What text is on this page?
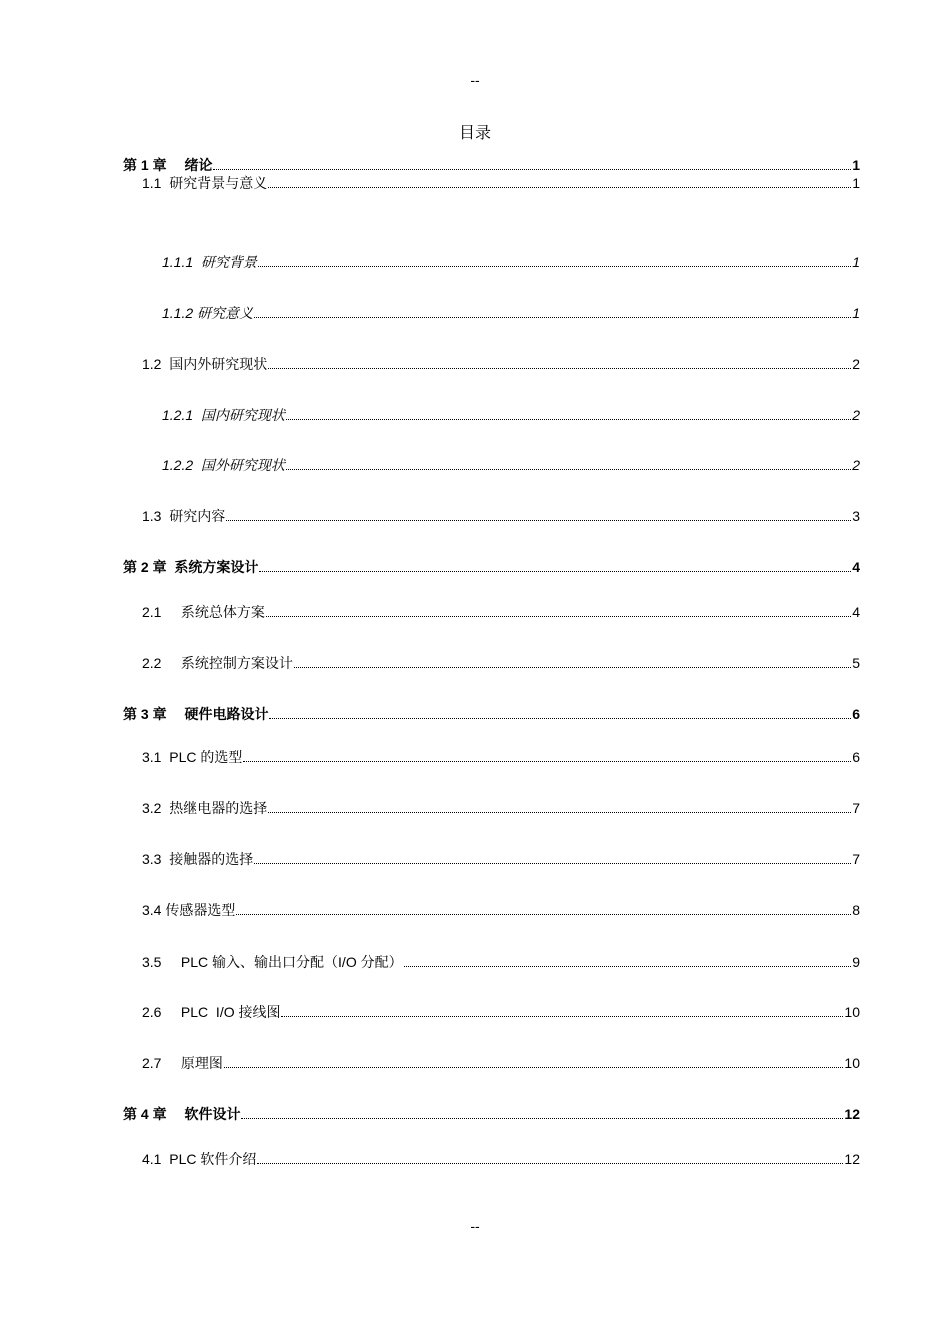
--
目录
第 1 章　 绪论	1
1.1  研究背景与意义	1
1.1.1  研究背景	1
1.1.2 研究意义	1
1.2  国内外研究现状	2
1.2.1  国内研究现状	2
1.2.2  国外研究现状	2
1.3  研究内容	3
第 2 章  系统方案设计	4
2.1     系统总体方案	4
2.2     系统控制方案设计	5
第 3 章　 硬件电路设计	6
3.1  PLC 的选型	6
3.2  热继电器的选择	7
3.3  接触器的选择	7
3.4 传感器选型	8
3.5     PLC 输入、输出口分配（I/O 分配）	9
2.6     PLC  I/O 接线图	10
2.7     原理图	10
第 4 章　 软件设计	12
4.1  PLC 软件介绍	12
--
